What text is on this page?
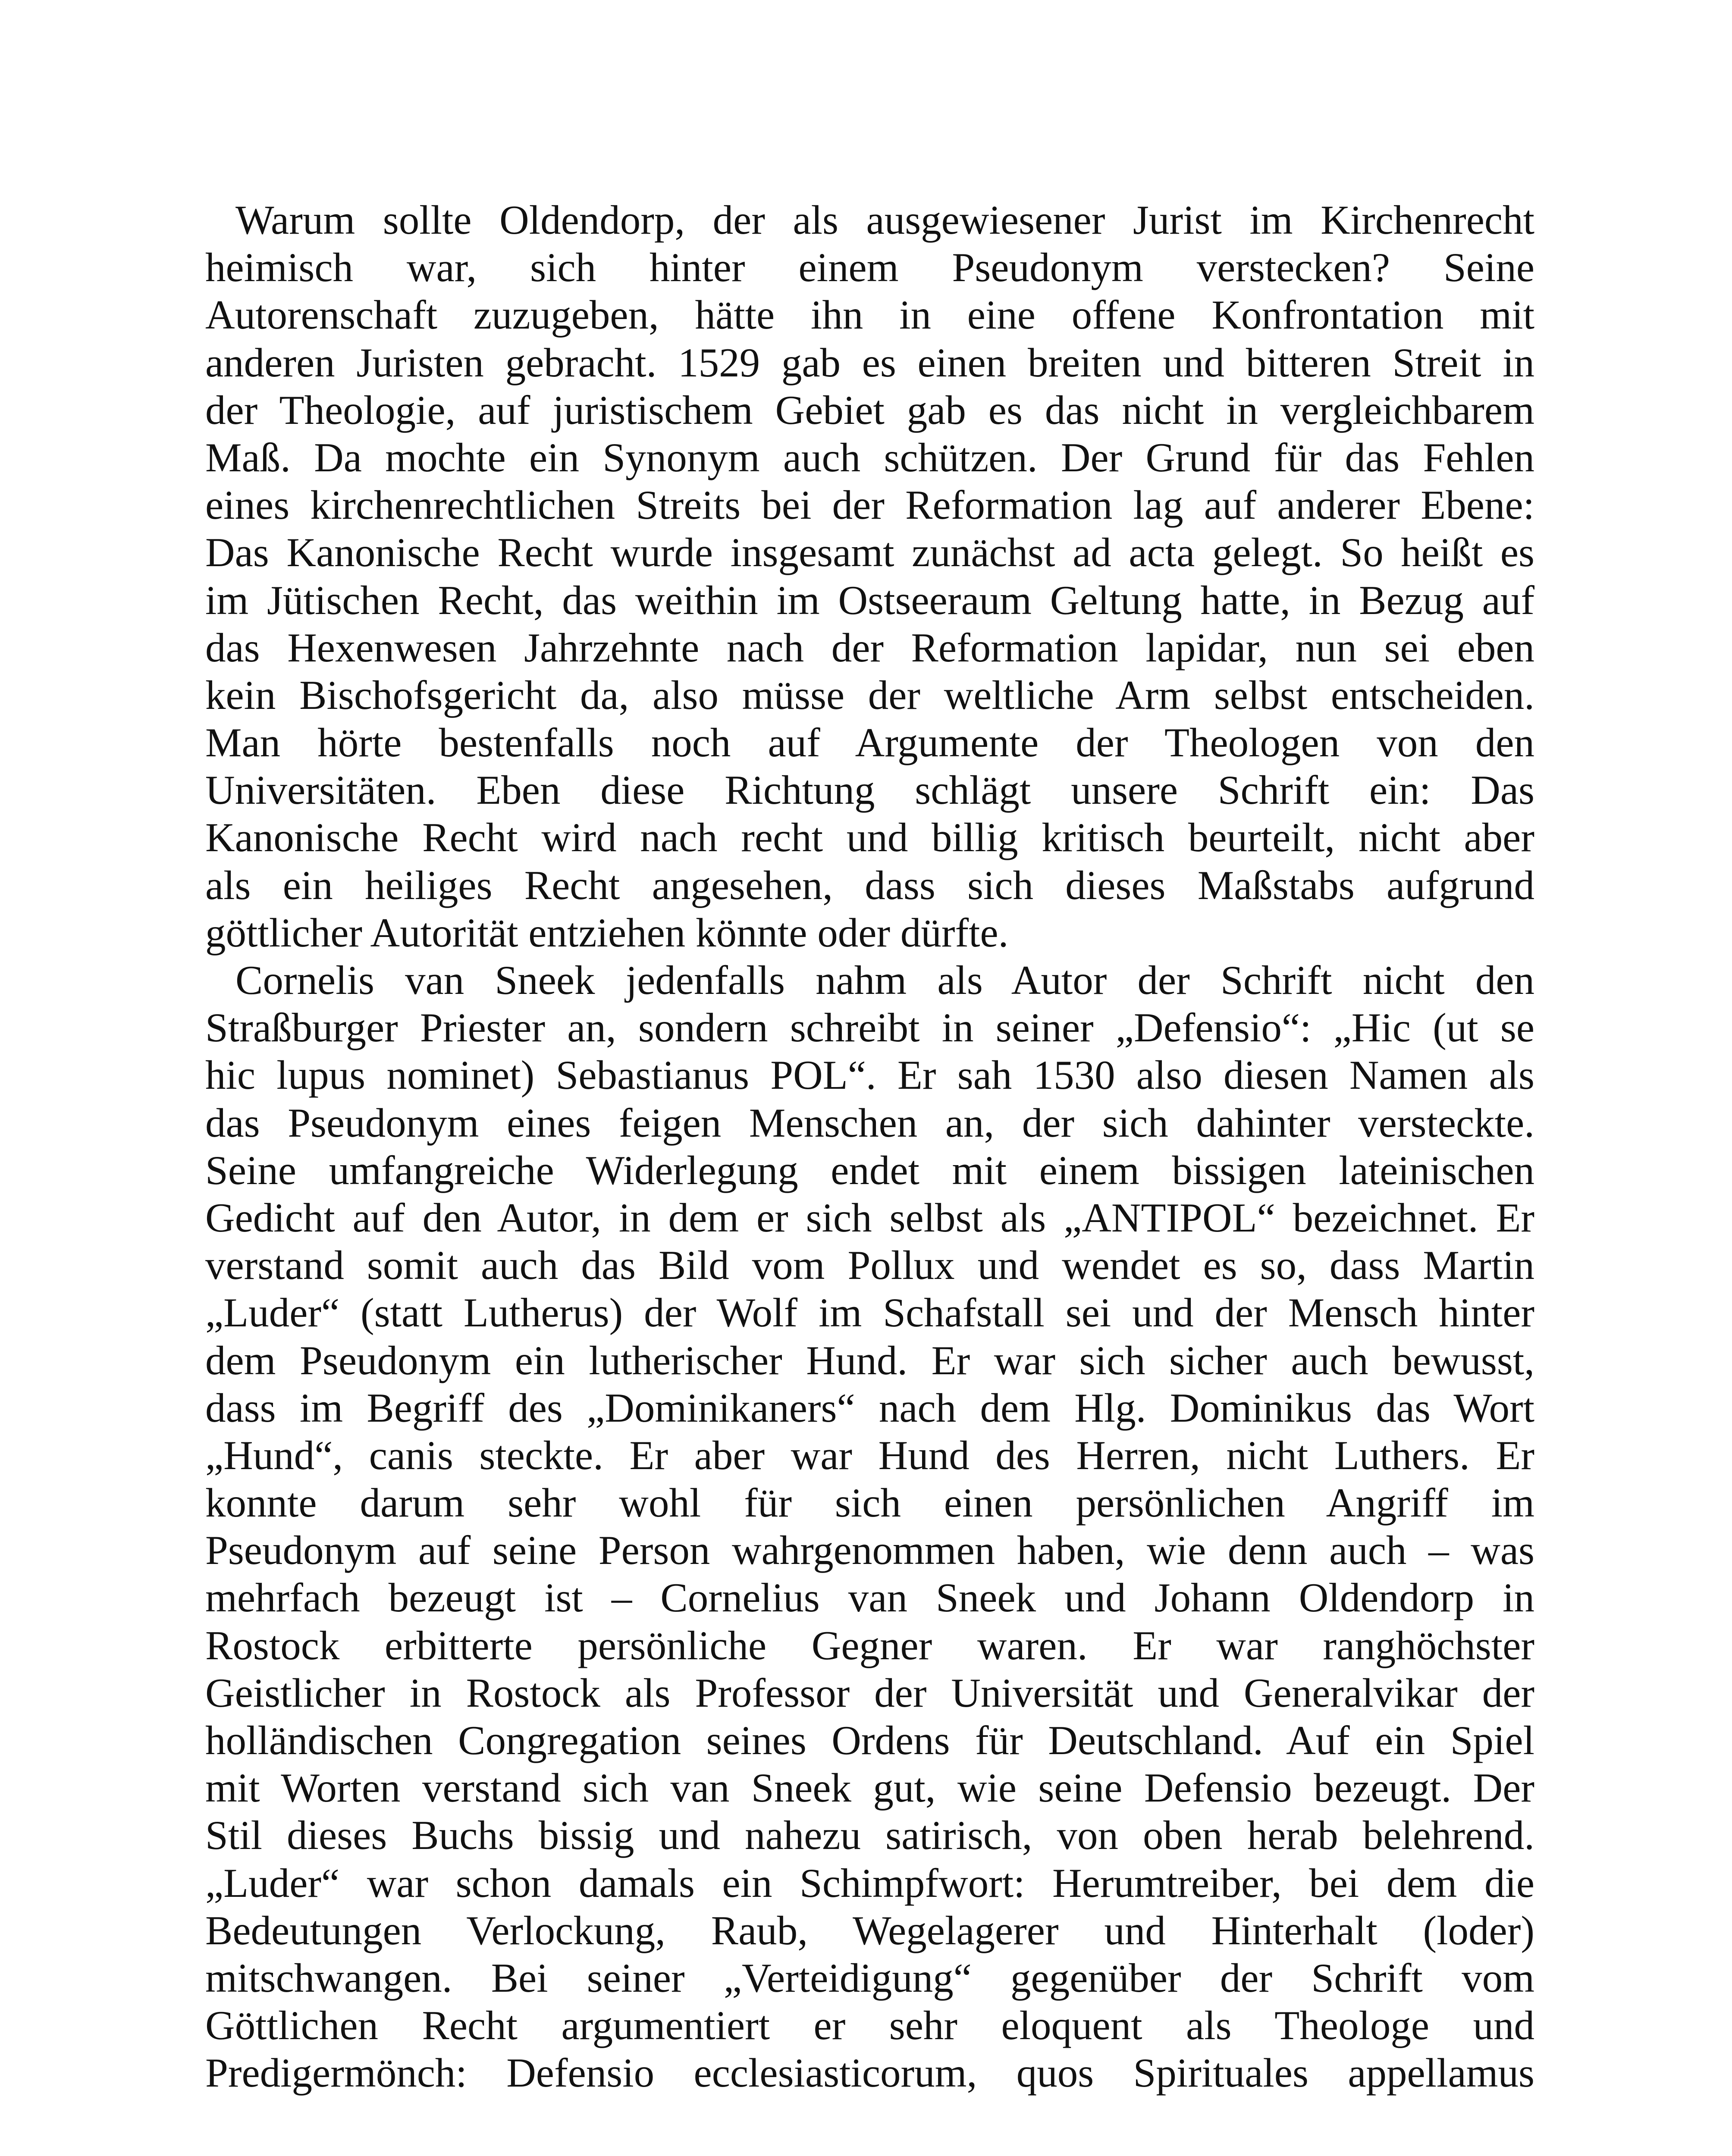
Warum sollte Oldendorp, der als ausgewiesener Jurist im Kirchenrecht
heimisch war, sich hinter einem Pseudonym verstecken? Seine
Autorenschaft zuzugeben, hätte ihn in eine offene Konfrontation mit
anderen Juristen gebracht. 1529 gab es einen breiten und bitteren Streit in
der Theologie, auf juristischem Gebiet gab es das nicht in vergleichbarem
Maß. Da mochte ein Synonym auch schützen. Der Grund für das Fehlen
eines kirchenrechtlichen Streits bei der Reformation lag auf anderer Ebene:
Das Kanonische Recht wurde insgesamt zunächst ad acta gelegt. So heißt es
im Jütischen Recht, das weithin im Ostseeraum Geltung hatte, in Bezug auf
das Hexenwesen Jahrzehnte nach der Reformation lapidar, nun sei eben
kein Bischofsgericht da, also müsse der weltliche Arm selbst entscheiden.
Man hörte bestenfalls noch auf Argumente der Theologen von den
Universitäten. Eben diese Richtung schlägt unsere Schrift ein: Das
Kanonische Recht wird nach recht und billig kritisch beurteilt, nicht aber
als ein heiliges Recht angesehen, dass sich dieses Maßstabs aufgrund
göttlicher Autorität entziehen könnte oder dürfte.
Cornelis van Sneek jedenfalls nahm als Autor der Schrift nicht den
Straßburger Priester an, sondern schreibt in seiner „Defensio“: „Hic (ut se
hic lupus nominet) Sebastianus POL“. Er sah 1530 also diesen Namen als
das Pseudonym eines feigen Menschen an, der sich dahinter versteckte.
Seine umfangreiche Widerlegung endet mit einem bissigen lateinischen
Gedicht auf den Autor, in dem er sich selbst als „ANTIPOL“ bezeichnet. Er
verstand somit auch das Bild vom Pollux und wendet es so, dass Martin
„Luder“ (statt Lutherus) der Wolf im Schafstall sei und der Mensch hinter
dem Pseudonym ein lutherischer Hund. Er war sich sicher auch bewusst,
dass im Begriff des „Dominikaners“ nach dem Hlg. Dominikus das Wort
„Hund“, canis steckte. Er aber war Hund des Herren, nicht Luthers. Er
konnte darum sehr wohl für sich einen persönlichen Angriff im
Pseudonym auf seine Person wahrgenommen haben, wie denn auch – was
mehrfach bezeugt ist – Cornelius van Sneek und Johann Oldendorp in
Rostock erbitterte persönliche Gegner waren. Er war ranghöchster
Geistlicher in Rostock als Professor der Universität und Generalvikar der
holländischen Congregation seines Ordens für Deutschland. Auf ein Spiel
mit Worten verstand sich van Sneek gut, wie seine Defensio bezeugt. Der
Stil dieses Buchs bissig und nahezu satirisch, von oben herab belehrend.
„Luder“ war schon damals ein Schimpfwort: Herumtreiber, bei dem die
Bedeutungen Verlockung, Raub, Wegelagerer und Hinterhalt (loder)
mitschwangen. Bei seiner „Verteidigung“ gegenüber der Schrift vom
Göttlichen Recht argumentiert er sehr eloquent als Theologe und
Predigermönch: Defensio ecclesiasticorum, quos Spirituales appellamus
